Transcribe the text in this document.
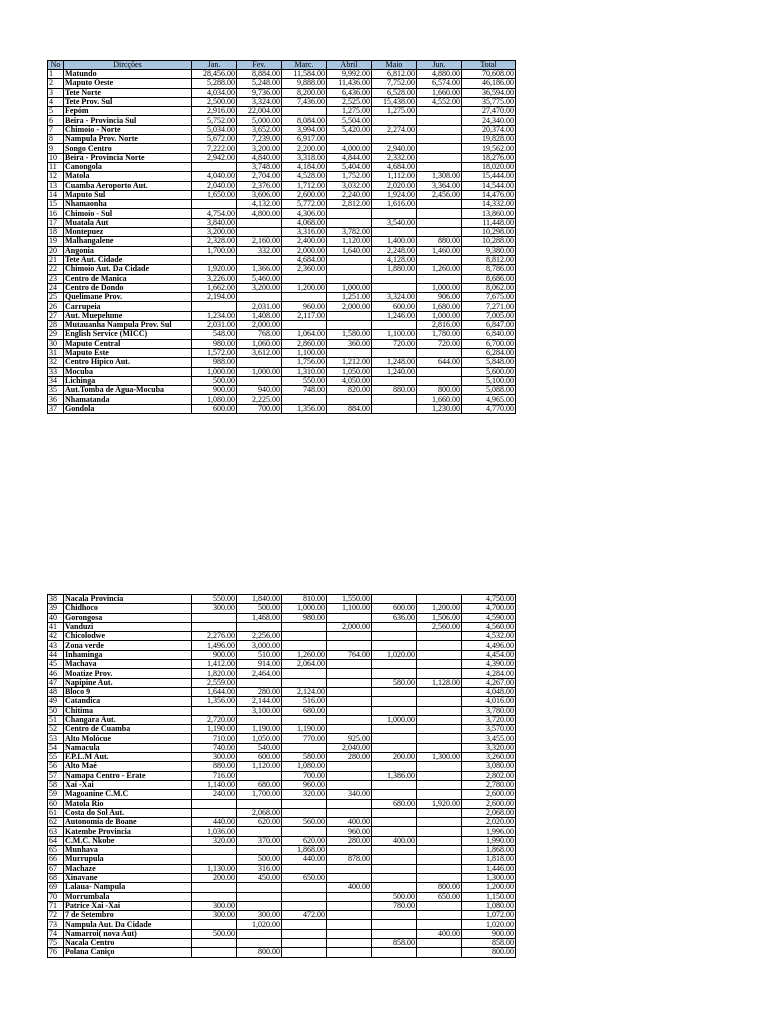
No	Dircções	Jan.	Fev.	Marc.	Abril	Maio	Jun.	Total
1	Matundo	28,456.00	8,884.00	11,584.00	9,992.00	6,812.00	4,880.00	70,608.00
2	Maputo Oeste	5,288.00	5,248.00	9,888.00	11,436.00	7,752.00	6,574.00	46,186.00
3	Tete Norte	4,034.00	9,736.00	8,200.00	6,436.00	6,528.00	1,660.00	36,594.00
4	Tete Prov. Sul	2,500.00	3,324.00	7,436.00	2,525.00	15,438.00	4,552.00	35,775.00
5	Fepóm	2,916.00	22,004.00		1,275.00	1,275.00		27,470.00
6	Beira - Provincia Sul	5,752.00	5,000.00	8,084.00	5,504.00			24,340.00
7	Chimoio - Norte	5,034.00	3,652.00	3,994.00	5,420.00	2,274.00		20,374.00
8	Nampula Prov. Norte	5,672.00	7,239.00	6,917.00				19,828.00
9	Songo Centro	7,222.00	3,200.00	2,200.00	4,000.00	2,940.00		19,562.00
10	Beira - Provincia Norte	2,942.00	4,840.00	3,318.00	4,844.00	2,332.00		18,276.00
11	Canongola		3,748.00	4,184.00	5,404.00	4,684.00		18,020.00
12	Matola	4,040.00	2,704.00	4,528.00	1,752.00	1,112.00	1,308.00	15,444.00
13	Cuamba Aeroporto Aut.	2,040.00	2,376.00	1,712.00	3,032.00	2,020.00	3,364.00	14,544.00
14	Maputo Sul	1,650.00	3,606.00	2,600.00	2,240.00	1,924.00	2,456.00	14,476.00
15	Nhamaonha		4,132.00	5,772.00	2,812.00	1,616.00		14,332.00
16	Chimoio - Sul	4,754.00	4,800.00	4,306.00				13,860.00
17	Muatala Aut	3,840.00		4,068.00		3,540.00		11,448.00
18	Montepuez	3,200.00		3,316.00	3,782.00			10,298.00
19	Malhangalene	2,328.00	2,160.00	2,400.00	1,120.00	1,400.00	880.00	10,288.00
20	Angonia	1,700.00	332.00	2,000.00	1,640.00	2,248.00	1,460.00	9,380.00
21	Tete Aut. Cidade			4,684.00		4,128.00		8,812.00
22	Chimoio Aut. Da Cidade	1,920.00	1,366.00	2,360.00		1,880.00	1,260.00	8,786.00
23	Centro de Manica	3,226.00	5,460.00					8,686.00
24	Centro de Dondo	1,662.00	3,200.00	1,200.00	1,000.00		1,000.00	8,062.00
25	Quelimane Prov.	2,194.00			1,251.00	3,324.00	906.00	7,675.00
26	Carrupeia		2,031.00	960.00	2,000.00	600.00	1,680.00	7,271.00
27	Aut. Muepelume	1,234.00	1,408.00	2,117.00		1,246.00	1,000.00	7,005.00
28	Mutauanha Nampula Prov. Sul	2,031.00	2,000.00				2,816.00	6,847.00
29	English Service (MICC)	548.00	768.00	1,064.00	1,580.00	1,100.00	1,780.00	6,840.00
30	Maputo Central	980.00	1,060.00	2,860.00	360.00	720.00	720.00	6,700.00
31	Maputo Este	1,572.00	3,612.00	1,100.00				6,284.00
32	Centro Hipico Aut.	988.00		1,756.00	1,212.00	1,248.00	644.00	5,848.00
33	Mocuba	1,000.00	1,000.00	1,310.00	1,050.00	1,240.00		5,600.00
34	Lichinga	500.00		550.00	4,050.00			5,100.00
35	Aut.Tomba de Agua-Mocuba	900.00	940.00	748.00	820.00	880.00	800.00	5,088.00
36	Nhamatanda	1,080.00	2,225.00				1,660.00	4,965.00
37	Gondola	600.00	700.00	1,356.00	884.00		1,230.00	4,770.00
38	Nacala Provincia	550.00	1,840.00	810.00	1,550.00			4,750.00
39	Chidhoco	300.00	500.00	1,000.00	1,100.00	600.00	1,200.00	4,700.00
40	Gorongosa		1,468.00	980.00		636.00	1,506.00	4,590.00
41	Vanduzi				2,000.00		2,560.00	4,560.00
42	Chicolodwe	2,276.00	2,256.00					4,532.00
43	Zona verde	1,496.00	3,000.00					4,496.00
44	Inhaminga	900.00	510.00	1,260.00	764.00	1,020.00		4,454.00
45	Machava	1,412.00	914.00	2,064.00				4,390.00
46	Moatize Prov.	1,820.00	2,464.00					4,284.00
47	Napipine Aut.	2,559.00				580.00	1,128.00	4,267.00
48	Bloco 9	1,644.00	280.00	2,124.00				4,048.00
49	Catandica	1,356.00	2,144.00	516.00				4,016.00
50	Chitima		3,100.00	680.00				3,780.00
51	Changara Aut.	2,720.00				1,000.00		3,720.00
52	Centro de Cuamba	1,190.00	1,190.00	1,190.00				3,570.00
53	Alto Molócue	710.00	1,050.00	770.00	925.00			3,455.00
54	Namacula	740.00	540.00		2,040.00			3,320.00
55	F.P.L.M Aut.	300.00	600.00	580.00	280.00	200.00	1,300.00	3,260.00
56	Alto Maé	880.00	1,120.00	1,080.00				3,080.00
57	Namapa Centro - Erate	716.00		700.00		1,386.00		2,802.00
58	Xai -Xai	1,140.00	680.00	960.00				2,780.00
59	Magoanine C.M.C	240.00	1,700.00	320.00	340.00			2,600.00
60	Matola Rio					680.00	1,920.00	2,600.00
61	Costa do Sol Aut.		2,068.00					2,068.00
62	Autonomia de Boane	440.00	620.00	560.00	400.00			2,020.00
63	Katembe Provincia	1,036.00			960.00			1,996.00
64	C.M.C. Nkobe	320.00	370.00	620.00	280.00	400.00		1,990.00
65	Munhava			1,868.00				1,868.00
66	Murrupula		500.00	440.00	878.00			1,818.00
67	Machaze	1,130.00	316.00					1,446.00
68	Xinavane	200.00	450.00	650.00				1,300.00
69	Lalaua- Nampula				400.00		800.00	1,200.00
70	Morrumbala					500.00	650.00	1,150.00
71	Patrice Xai -Xai	300.00				780.00		1,080.00
72	7 de Setembro	300.00	300.00	472.00				1,072.00
73	Nampula Aut. Da Cidade		1,020.00					1,020.00
74	Namarroi( nova Aut)	500.00					400.00	900.00
75	Nacala Centro					858.00		858.00
76	Polana Caniço		800.00					800.00
